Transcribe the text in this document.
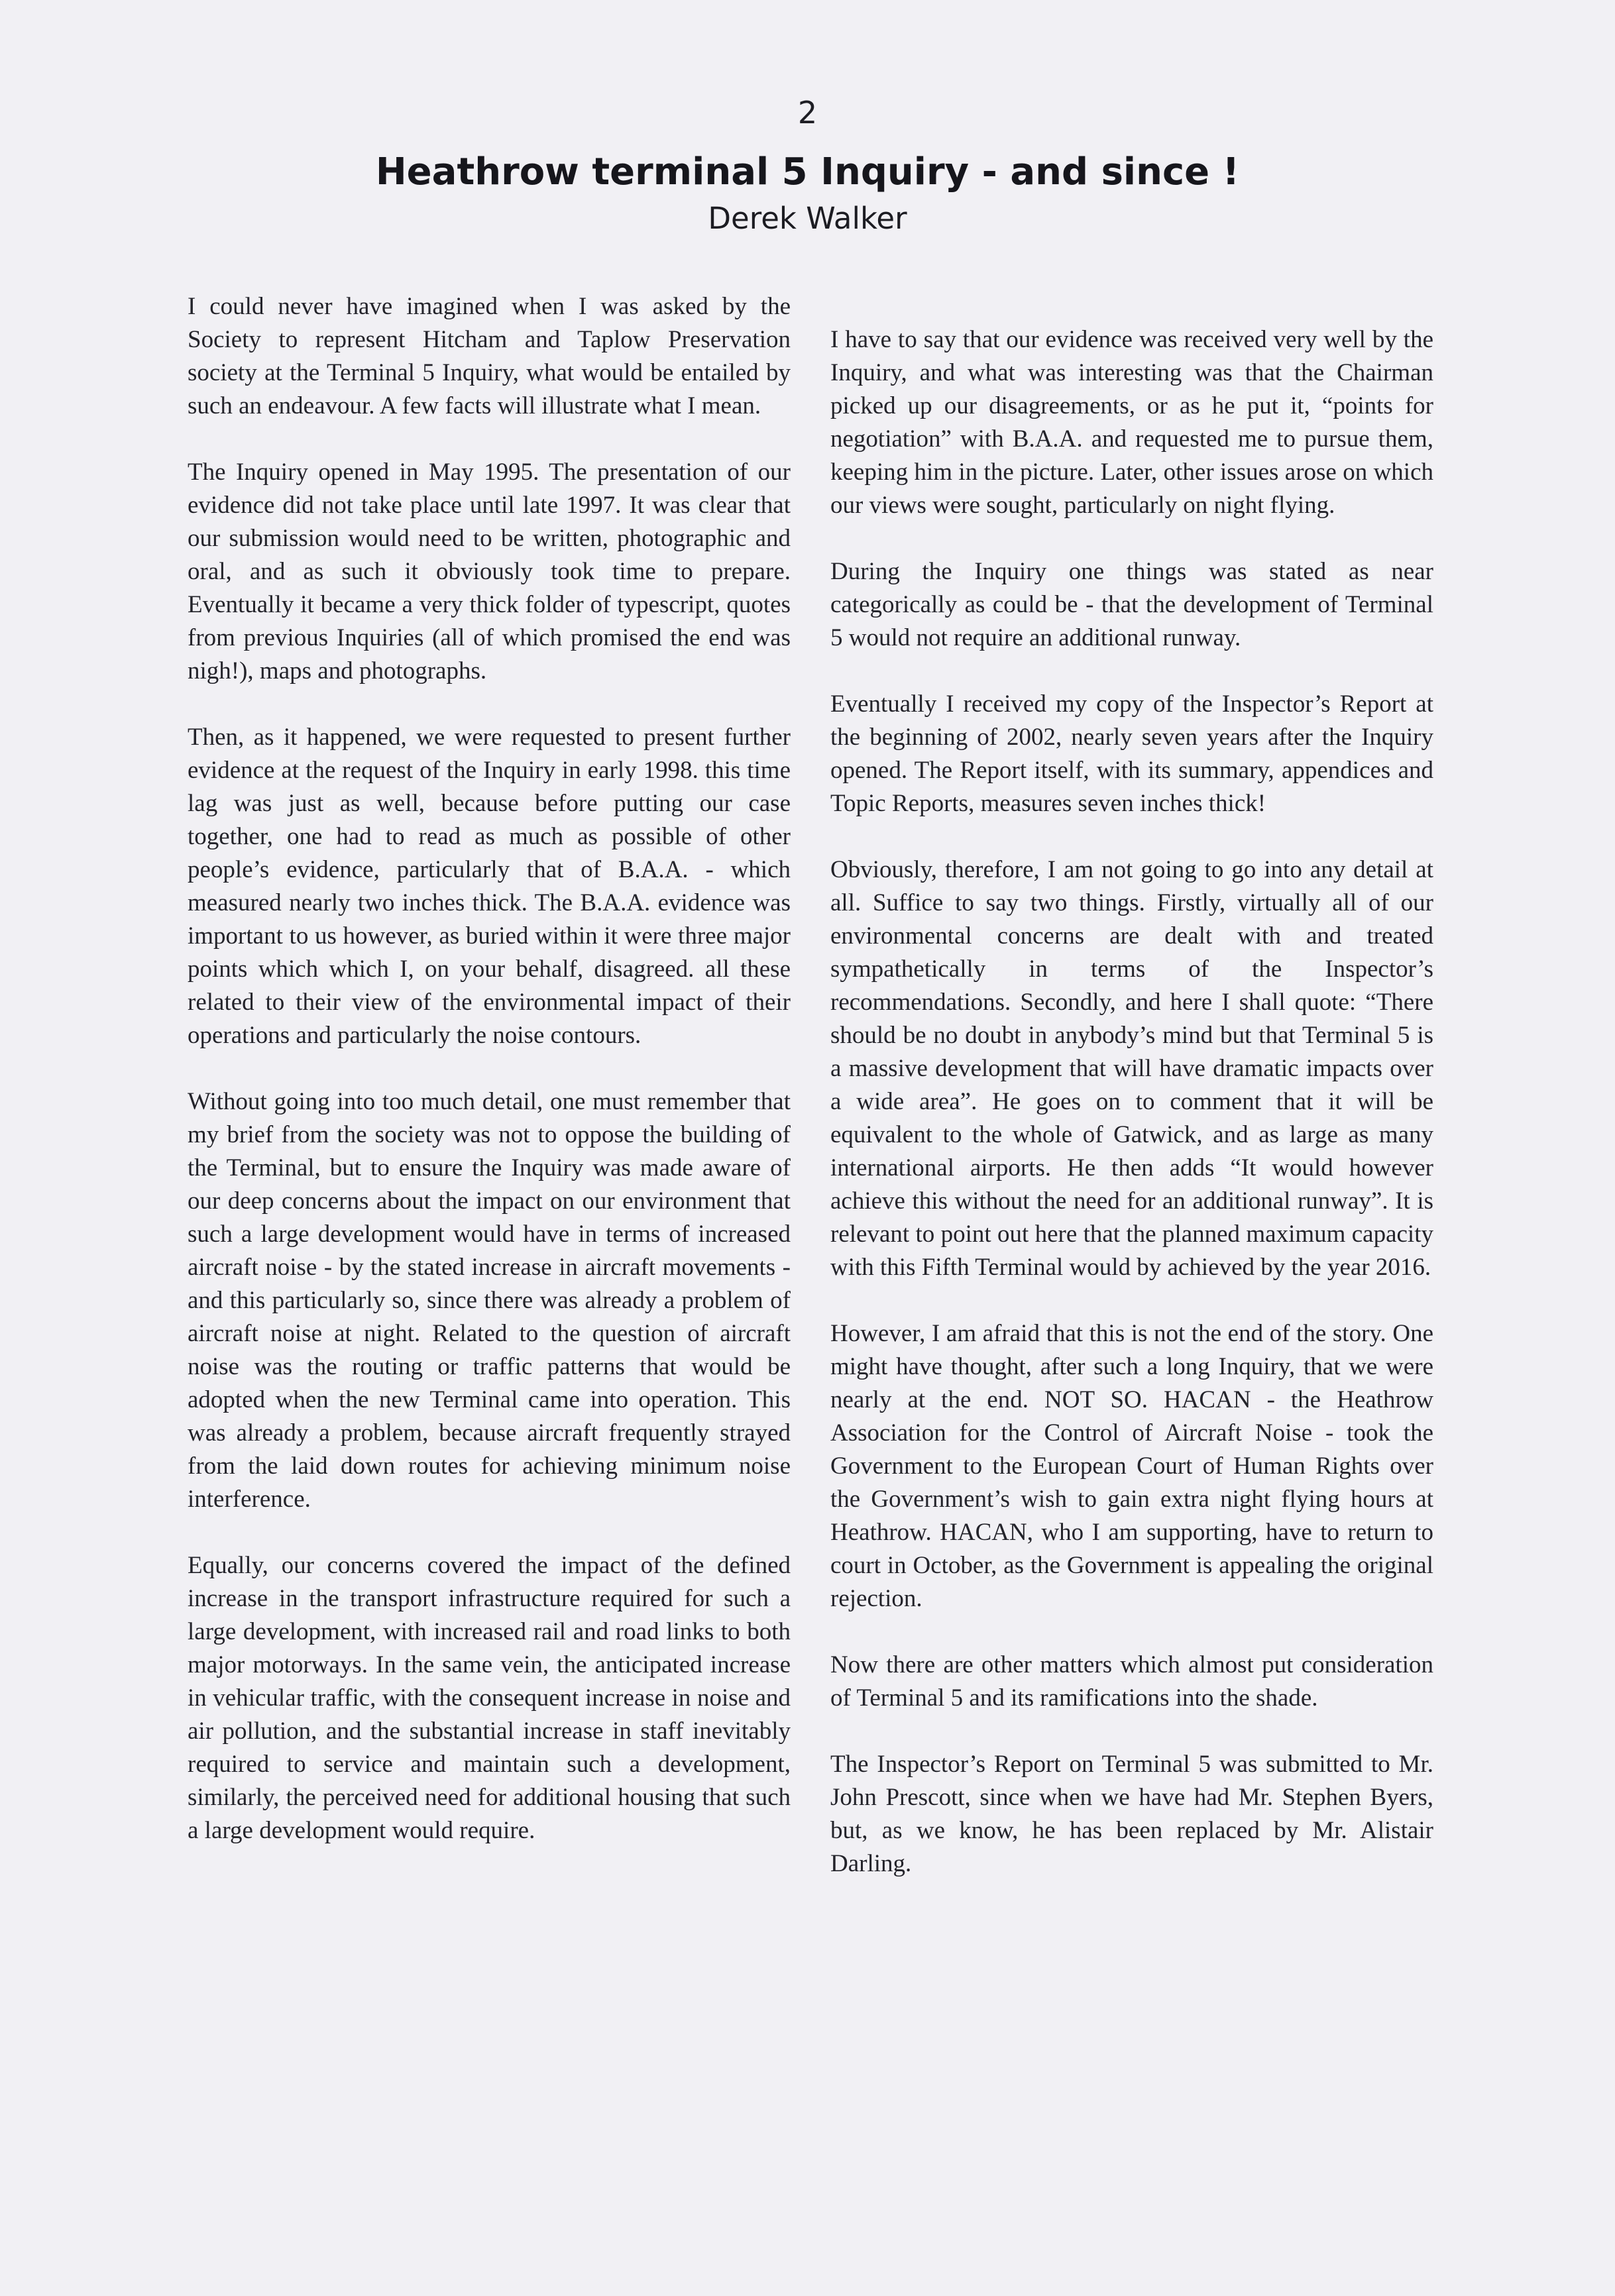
2
Heathrow terminal 5 Inquiry - and since !
Derek Walker

I could never have imagined when I was asked by the Society to represent Hitcham and Taplow Preservation society at the Terminal 5 Inquiry, what would be entailed by such an endeavour. A few facts will illustrate what I mean.

The Inquiry opened in May 1995. The presentation of our evidence did not take place until late 1997. It was clear that our submission would need to be written, photographic and oral, and as such it obviously took time to prepare. Eventually it became a very thick folder of typescript, quotes from previous Inquiries (all of which promised the end was nigh!), maps and photographs.

Then, as it happened, we were requested to present further evidence at the request of the Inquiry in early 1998. this time lag was just as well, because before putting our case together, one had to read as much as possible of other people’s evidence, particularly that of B.A.A. - which measured nearly two inches thick. The B.A.A. evidence was important to us however, as buried within it were three major points which which I, on your behalf, disagreed. all these related to their view of the environmental impact of their operations and particularly the noise contours.

Without going into too much detail, one must remember that my brief from the society was not to oppose the building of the Terminal, but to ensure the Inquiry was made aware of our deep concerns about the impact on our environment that such a large development would have in terms of increased aircraft noise - by the stated increase in aircraft movements - and this particularly so, since there was already a problem of aircraft noise at night. Related to the question of aircraft noise was the routing or traffic patterns that would be adopted when the new Terminal came into operation. This was already a problem, because aircraft frequently strayed from the laid down routes for achieving minimum noise interference.

Equally, our concerns covered the impact of the defined increase in the transport infrastructure required for such a large development, with increased rail and road links to both major motorways. In the same vein, the anticipated increase in vehicular traffic, with the consequent increase in noise and air pollution, and the substantial increase in staff inevitably required to service and maintain such a development, similarly, the perceived need for additional housing that such a large development would require.

I have to say that our evidence was received very well by the Inquiry, and what was interesting was that the Chairman picked up our disagreements, or as he put it, “points for negotiation” with B.A.A. and requested me to pursue them, keeping him in the picture. Later, other issues arose on which our views were sought, particularly on night flying.

During the Inquiry one things was stated as near categorically as could be - that the development of Terminal 5 would not require an additional runway.

Eventually I received my copy of the Inspector’s Report at the beginning of 2002, nearly seven years after the Inquiry opened. The Report itself, with its summary, appendices and Topic Reports, measures seven inches thick!

Obviously, therefore, I am not going to go into any detail at all. Suffice to say two things. Firstly, virtually all of our environmental concerns are dealt with and treated sympathetically in terms of the Inspector’s recommendations. Secondly, and here I shall quote: “There should be no doubt in anybody’s mind but that Terminal 5 is a massive development that will have dramatic impacts over a wide area”. He goes on to comment that it will be equivalent to the whole of Gatwick, and as large as many international airports. He then adds “It would however achieve this without the need for an additional runway”. It is relevant to point out here that the planned maximum capacity with this Fifth Terminal would by achieved by the year 2016.

However, I am afraid that this is not the end of the story. One might have thought, after such a long Inquiry, that we were nearly at the end. NOT SO. HACAN - the Heathrow Association for the Control of Aircraft Noise - took the Government to the European Court of Human Rights over the Government’s wish to gain extra night flying hours at Heathrow. HACAN, who I am supporting, have to return to court in October, as the Government is appealing the original rejection.

Now there are other matters which almost put consideration of Terminal 5 and its ramifications into the shade.

The Inspector’s Report on Terminal 5 was submitted to Mr. John Prescott, since when we have had Mr. Stephen Byers, but, as we know, he has been replaced by Mr. Alistair Darling.
